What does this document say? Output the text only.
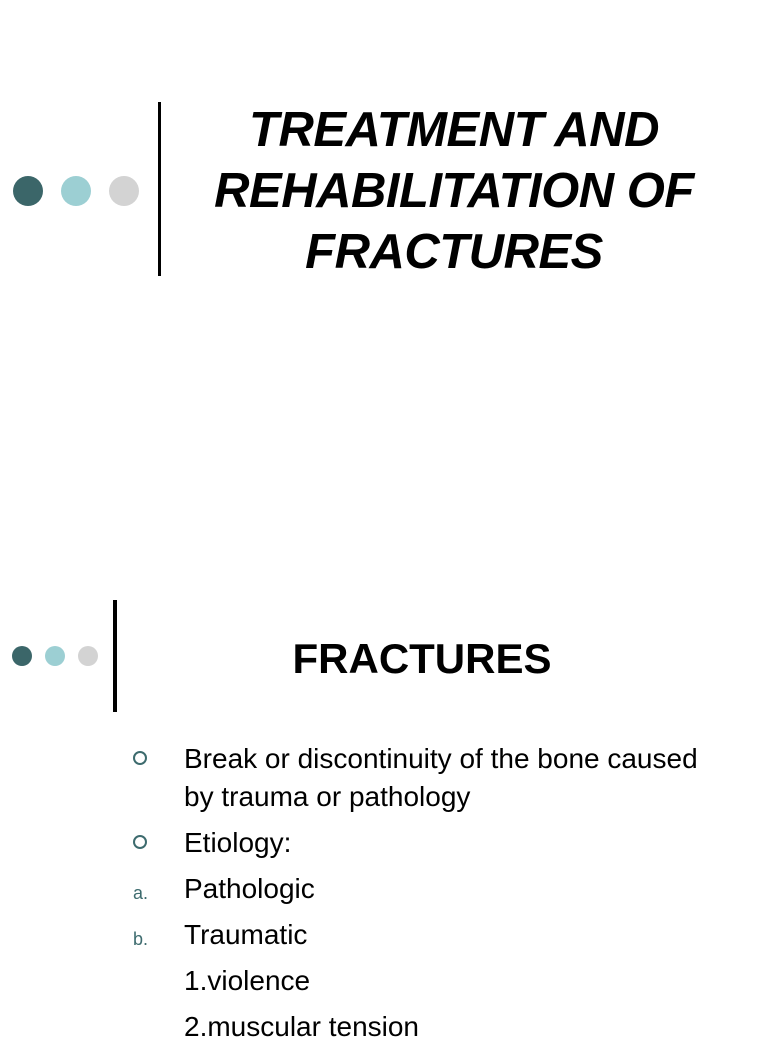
TREATMENT AND REHABILITATION OF FRACTURES
FRACTURES
Break or discontinuity of the bone caused by trauma or pathology
Etiology:
a. Pathologic
b. Traumatic
1.violence
2.muscular tension
